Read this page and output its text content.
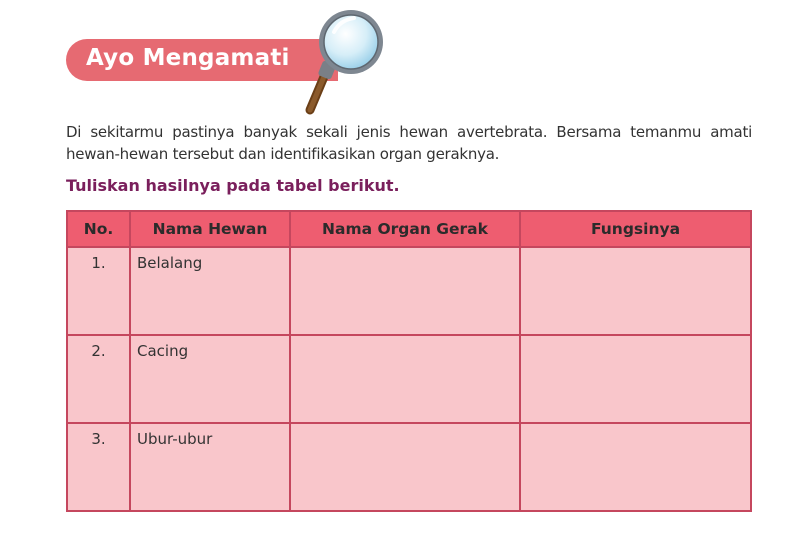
Ayo Mengamati
Di sekitarmu pastinya banyak sekali jenis hewan avertebrata. Bersama temanmu amati hewan-hewan tersebut dan identifikasikan organ geraknya.
Tuliskan hasilnya pada tabel berikut.
No.	Nama Hewan	Nama Organ Gerak	Fungsinya
1.	Belalang		
2.	Cacing		
3.	Ubur-ubur		
